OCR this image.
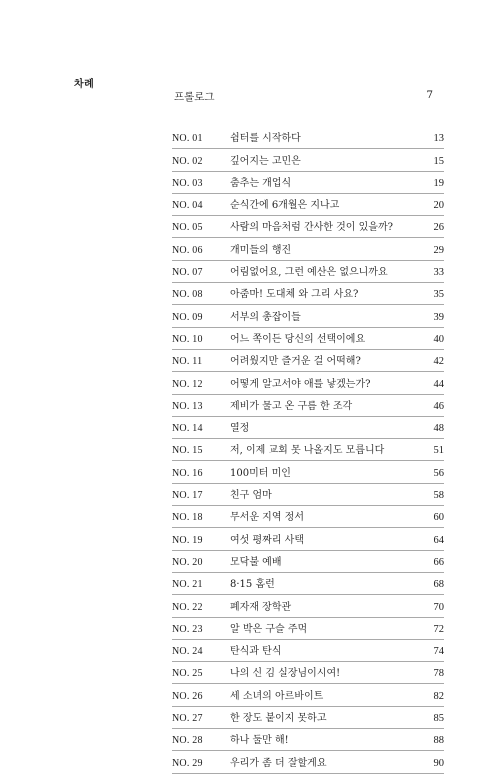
차례
프롤로그	7
NO. 01	쉼터를 시작하다	13
NO. 02	깊어지는 고민은	15
NO. 03	춤추는 개업식	19
NO. 04	순식간에 6개월은 지나고	20
NO. 05	사람의 마음처럼 간사한 것이 있을까?	26
NO. 06	개미들의 행진	29
NO. 07	어림없어요, 그런 예산은 없으니까요	33
NO. 08	아줌마! 도대체 와 그리 사요?	35
NO. 09	서부의 총잡이들	39
NO. 10	어느 쪽이든 당신의 선택이에요	40
NO. 11	어려웠지만 즐거운 걸 어떡해?	42
NO. 12	어떻게 알고서야 애를 낳겠는가?	44
NO. 13	제비가 물고 온 구름 한 조각	46
NO. 14	열정	48
NO. 15	저, 이제 교회 못 나올지도 모릅니다	51
NO. 16	100미터 미인	56
NO. 17	친구 엄마	58
NO. 18	무서운 지역 정서	60
NO. 19	여섯 평짜리 사택	64
NO. 20	모닥불 예배	66
NO. 21	8·15 홈런	68
NO. 22	폐자재 장학관	70
NO. 23	알 박은 구슬 주먹	72
NO. 24	탄식과 탄식	74
NO. 25	나의 신 김 실장님이시여!	78
NO. 26	세 소녀의 아르바이트	82
NO. 27	한 장도 붙이지 못하고	85
NO. 28	하나 둘만 해!	88
NO. 29	우리가 좀 더 잘할게요	90
